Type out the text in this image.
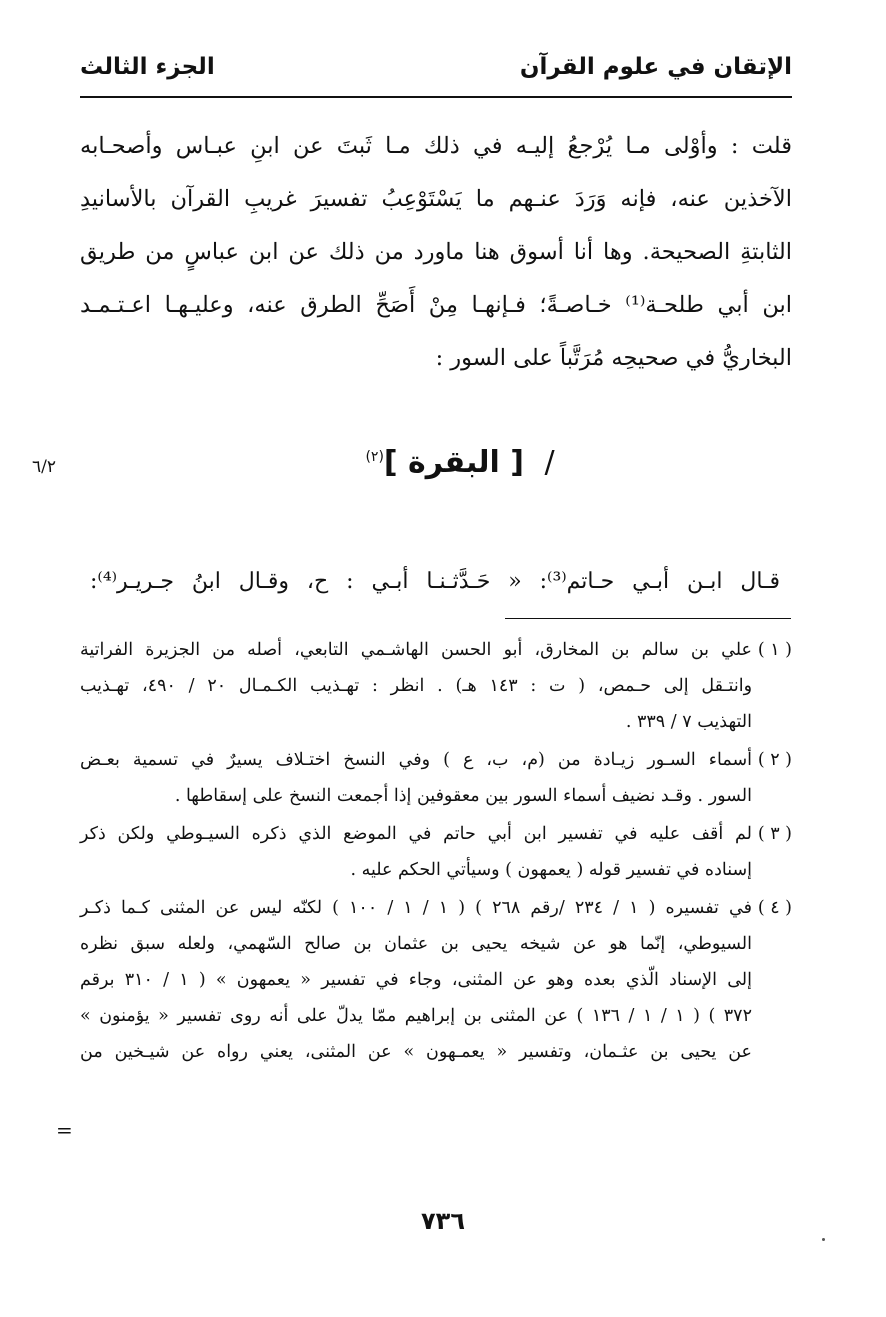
الإتقان في علوم القرآن
الجزء الثالث

قلت : وأوْلى مـا يُرْجعُ إليـه في ذلك مـا ثَبتَ عن ابنِ عبـاس وأصحـابه
الآخذين عنه، فإنه وَرَدَ عنـهم ما يَسْتَوْعِبُ تفسيرَ غريبِ القرآن بالأسانيدِ
الثابتةِ الصحيحة. وها أنا أسوق هنا ماورد من ذلك عن ابن عباسٍ من طريق
ابن أبي طلحـة⁽¹⁾ خـاصـةً؛ فـإنهـا مِنْ أَصَحِّ الطرق عنه، وعليـهـا اعـتـمـد
البخاريُّ في صحيحِه مُرَتَّباً على السور :

٦/٢	/ [ البقرة ]$^{(٢)}$
قـال ابـن أبـي حـاتم⁽³⁾: « حَـدَّثـنـا أبـي : ح، وقـال ابنُ جـريـر⁽⁴⁾:
( ١ )
علي بن سالم بن المخارق، أبو الحسن الهاشـمي التابعي، أصله من الجزيرة الفراتية
وانتـقل إلى حـمص، ( ت : ١٤٣ هـ) . انظر : تهـذيب الكـمـال ٢٠ / ٤٩٠، تهـذيب
التهذيب ٧ / ٣٣٩ .
( ٢ )
أسماء السـور زيـادة من (م، ب، ع ) وفي النسخ اختـلاف يسيرٌ في تسمية بعـض
السور . وقـد نضيف أسماء السور بين معقوفين إذا أجمعت النسخ على إسقاطها .
( ٣ )
لم أقف عليه في تفسير ابن أبي حاتم في الموضع الذي ذكره السيـوطي ولكن ذكر
إسناده في تفسير قوله ( يعمهون ) وسيأتي الحكم عليه .
( ٤ )
في تفسيره ( ١ / ٢٣٤ /رقم ٢٦٨ ) ( ١ / ١ / ١٠٠ ) لكنّه ليس عن المثنى كـما ذكـر
السيوطي، إنّما هو عن شيخه يحيى بن عثمان بن صالح السّهمي، ولعله سبق نظره
إلى الإسناد الّذي بعده وهو عن المثنى، وجاء في تفسير « يعمهون » ( ١ / ٣١٠ برقم
٣٧٢ ) ( ١ / ١ / ١٣٦ ) عن المثنى بن إبراهيم ممّا يدلّ على أنه روى تفسير « يؤمنون »
عن يحيى بن عثـمان، وتفسير « يعمـهون » عن المثنى، يعني رواه عن شيـخين من
=
٧٣٦
